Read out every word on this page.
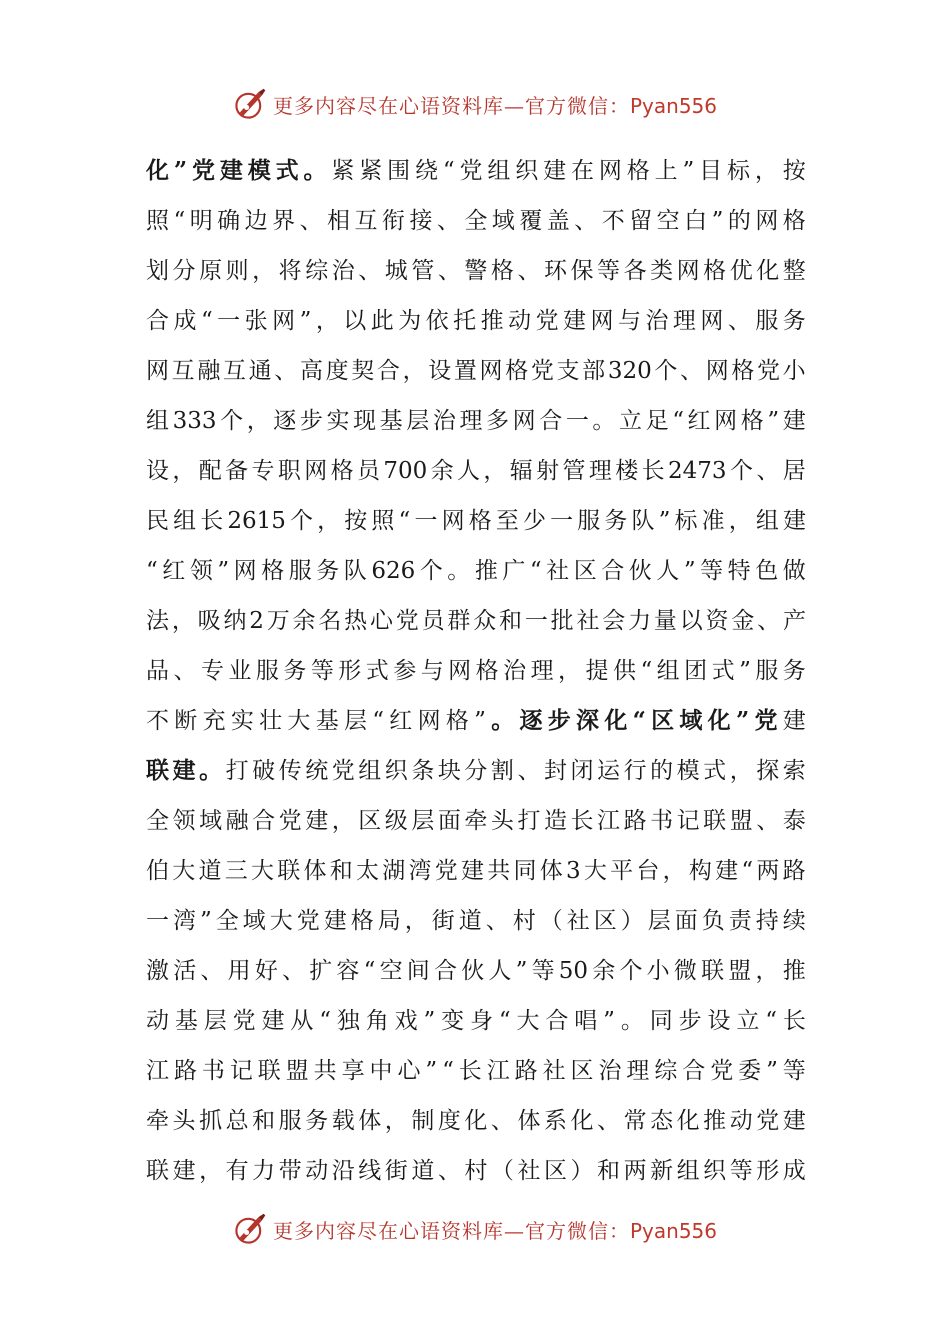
更多内容尽在心语资料库—官方微信：Pyan556
化 ” 党 建 模 式 。 紧 紧 围 绕 “ 党 组 织 建 在 网 格 上 ” 目 标 ， 按
照 “ 明 确 边 界 、 相 互 衔 接 、 全 域 覆 盖 、 不 留 空 白 ” 的 网 格
划 分 原 则 ， 将 综 治 、 城 管 、 警 格 、 环 保 等 各 类 网 格 优 化 整
合 成 “ 一 张 网 ” ， 以 此 为 依 托 推 动 党 建 网 与 治 理 网 、 服 务
网 互 融 互 通 、 高 度 契 合 ， 设 置 网 格 党 支 部 320 个 、 网 格 党 小
组 333 个 ， 逐 步 实 现 基 层 治 理 多 网 合 一 。 立 足 “ 红 网 格 ” 建
设 ， 配 备 专 职 网 格 员 700 余 人 ， 辐 射 管 理 楼 长 2473 个 、 居
民 组 长 2615 个 ， 按 照 “ 一 网 格 至 少 一 服 务 队 ” 标 准 ， 组 建
“ 红 领 ” 网 格 服 务 队 626 个 。 推 广 “ 社 区 合 伙 人 ” 等 特 色 做
法 ， 吸 纳 2 万 余 名 热 心 党 员 群 众 和 一 批 社 会 力 量 以 资 金 、 产
品 、 专 业 服 务 等 形 式 参 与 网 格 治 理 ， 提 供 “ 组 团 式 ” 服 务
不 断 充 实 壮 大 基 层 “ 红 网 格 ” 。 逐 步 深 化 “ 区 域 化 ” 党 建
联 建 。 打 破 传 统 党 组 织 条 块 分 割 、 封 闭 运 行 的 模 式 ， 探 索
全 领 域 融 合 党 建 ， 区 级 层 面 牵 头 打 造 长 江 路 书 记 联 盟 、 泰
伯 大 道 三 大 联 体 和 太 湖 湾 党 建 共 同 体 3 大 平 台 ， 构 建 “ 两 路
一 湾 ” 全 域 大 党 建 格 局 ， 街 道 、 村 （ 社 区 ） 层 面 负 责 持 续
激 活 、 用 好 、 扩 容 “ 空 间 合 伙 人 ” 等 50 余 个 小 微 联 盟 ， 推
动 基 层 党 建 从 “ 独 角 戏 ” 变 身 “ 大 合 唱 ” 。 同 步 设 立 “ 长
江 路 书 记 联 盟 共 享 中 心 ” “ 长 江 路 社 区 治 理 综 合 党 委 ” 等
牵 头 抓 总 和 服 务 载 体 ， 制 度 化 、 体 系 化 、 常 态 化 推 动 党 建
联 建 ， 有 力 带 动 沿 线 街 道 、 村 （ 社 区 ） 和 两 新 组 织 等 形 成
更多内容尽在心语资料库—官方微信：Pyan556
